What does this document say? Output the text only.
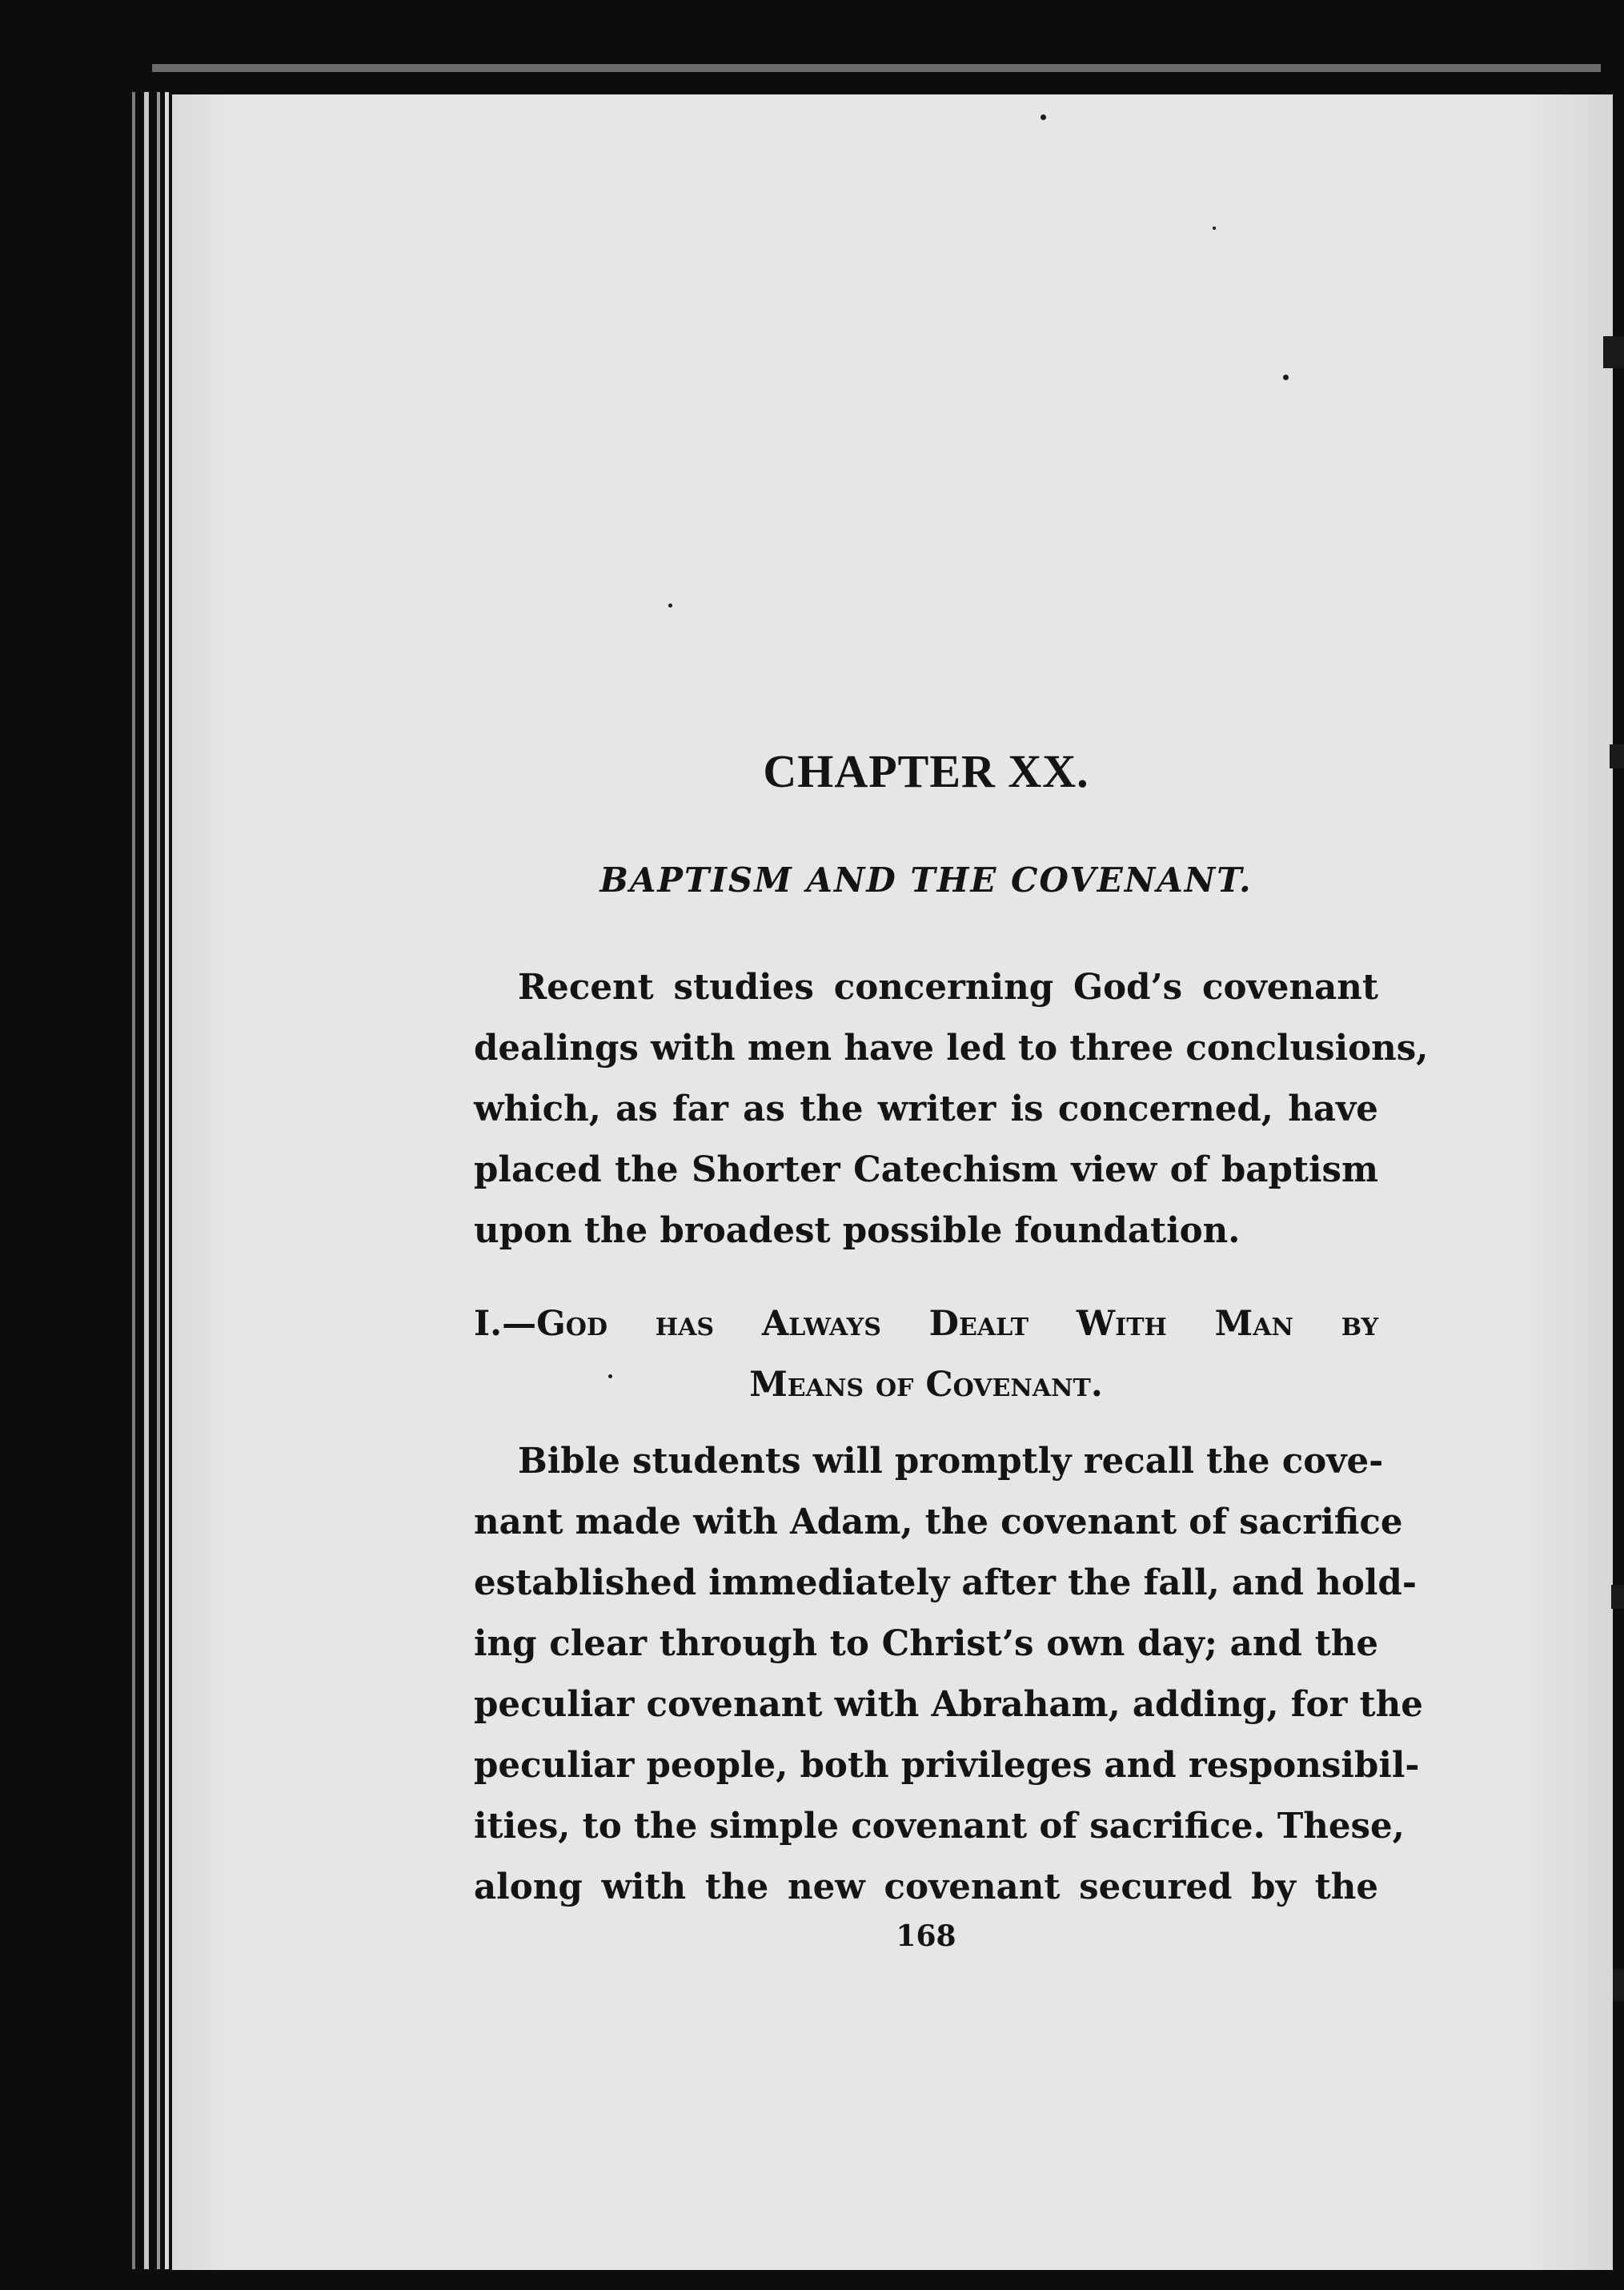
CHAPTER XX.
BAPTISM AND THE COVENANT.

Recent studies concerning God’s covenant
dealings with men have led to three conclusions,
which, as far as the writer is concerned, have
placed the Shorter Catechism view of baptism
upon the broadest possible foundation.

I.—God has Always Dealt With Man by
Means of Covenant.

Bible students will promptly recall the cove-
nant made with Adam, the covenant of sacrifice
established immediately after the fall, and hold-
ing clear through to Christ’s own day; and the
peculiar covenant with Abraham, adding, for the
peculiar people, both privileges and responsibil-
ities, to the simple covenant of sacrifice. These,
along with the new covenant secured by the

168
